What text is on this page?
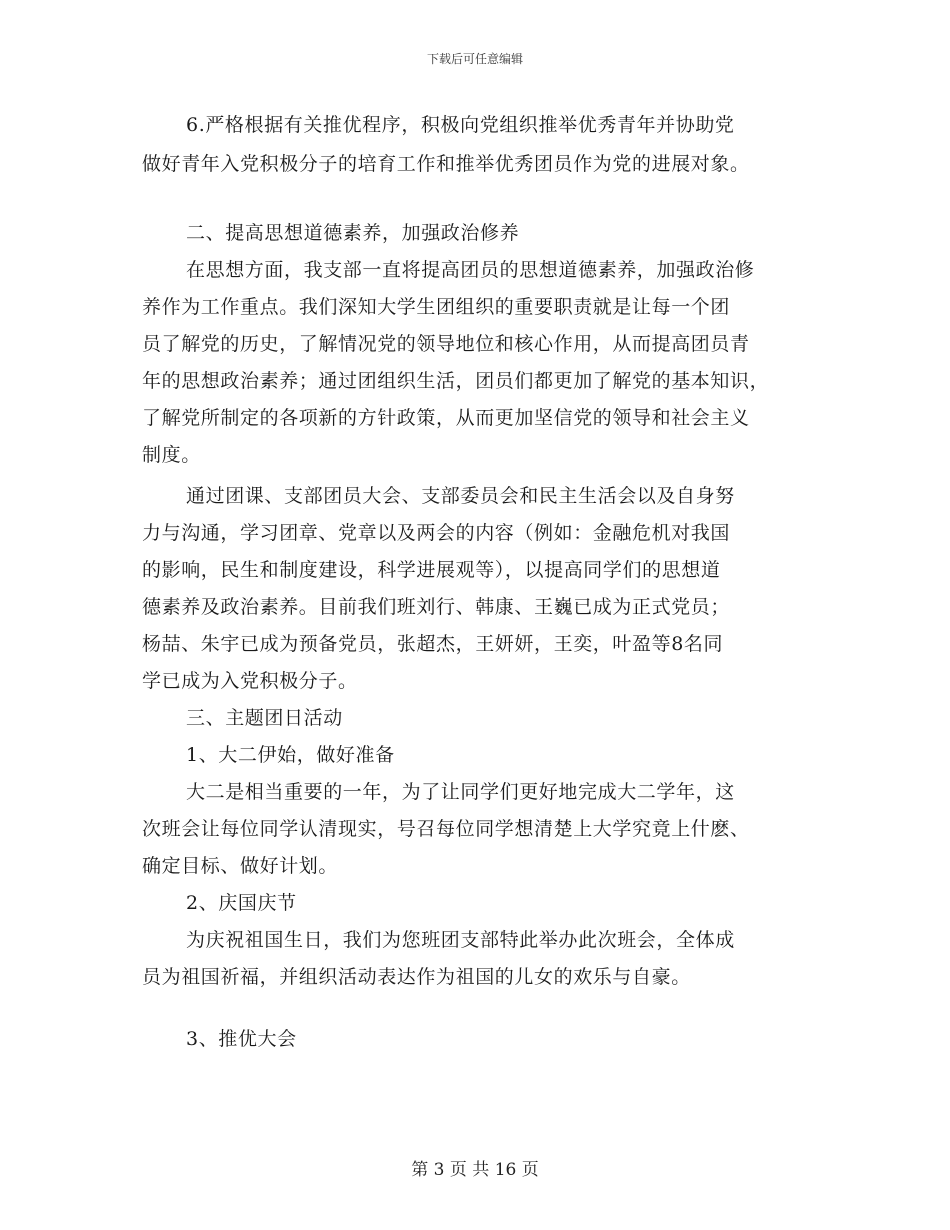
下载后可任意编辑
6.严格根据有关推优程序，积极向党组织推举优秀青年并协助党
做好青年入党积极分子的培育工作和推举优秀团员作为党的进展对象。
二、提高思想道德素养，加强政治修养
在思想方面，我支部一直将提高团员的思想道德素养，加强政治修
养作为工作重点。我们深知大学生团组织的重要职责就是让每一个团
员了解党的历史，了解情况党的领导地位和核心作用，从而提高团员青
年的思想政治素养；通过团组织生活，团员们都更加了解党的基本知识，
了解党所制定的各项新的方针政策，从而更加坚信党的领导和社会主义
制度。
通过团课、支部团员大会、支部委员会和民主生活会以及自身努
力与沟通，学习团章、党章以及两会的内容（例如：金融危机对我国
的影响，民生和制度建设，科学进展观等），以提高同学们的思想道
德素养及政治素养。目前我们班刘行、韩康、王巍已成为正式党员；
杨喆、朱宇已成为预备党员，张超杰，王妍妍，王奕，叶盈等8名同
学已成为入党积极分子。
三、主题团日活动
1、大二伊始，做好准备
大二是相当重要的一年，为了让同学们更好地完成大二学年，这
次班会让每位同学认清现实，号召每位同学想清楚上大学究竟上什麽、
确定目标、做好计划。
2、庆国庆节
为庆祝祖国生日，我们为您班团支部特此举办此次班会，全体成
员为祖国祈福，并组织活动表达作为祖国的儿女的欢乐与自豪。
3、推优大会
第 3 页 共 16 页
